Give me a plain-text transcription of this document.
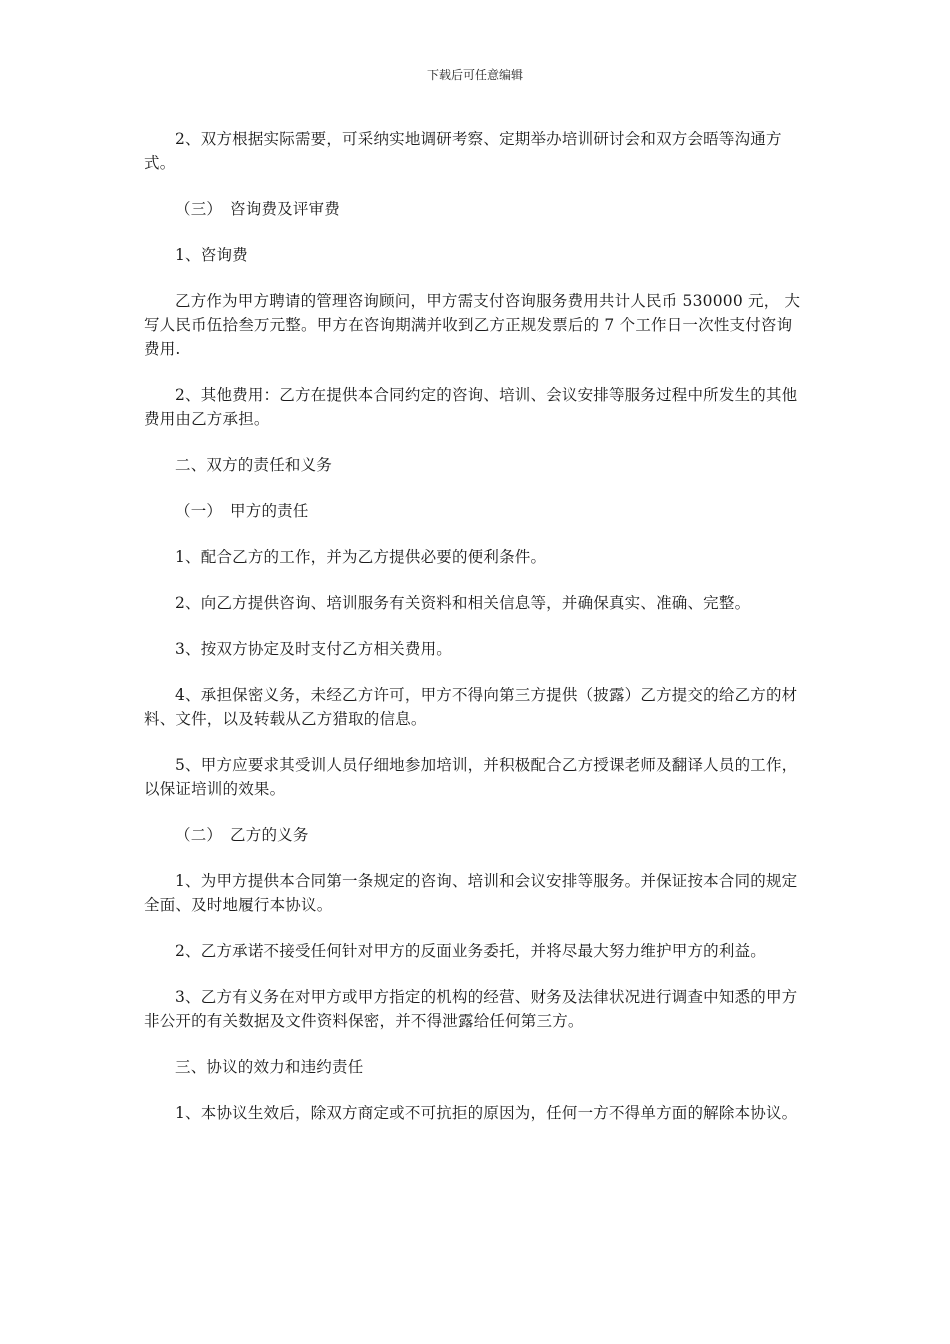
下载后可任意编辑

2、双方根据实际需要，可采纳实地调研考察、定期举办培训研讨会和双方会晤等沟通方式。

（三）　咨询费及评审费

1、咨询费

乙方作为甲方聘请的管理咨询顾问，甲方需支付咨询服务费用共计人民币 530000 元， 大写人民币伍拾叁万元整。甲方在咨询期满并收到乙方正规发票后的 7 个工作日一次性支付咨询费用.

2、其他费用：乙方在提供本合同约定的咨询、培训、会议安排等服务过程中所发生的其他费用由乙方承担。

二、双方的责任和义务

（一）　甲方的责任

1、配合乙方的工作，并为乙方提供必要的便利条件。

2、向乙方提供咨询、培训服务有关资料和相关信息等，并确保真实、准确、完整。

3、按双方协定及时支付乙方相关费用。

4、承担保密义务，未经乙方许可，甲方不得向第三方提供（披露）乙方提交的给乙方的材料、文件，以及转载从乙方猎取的信息。

5、甲方应要求其受训人员仔细地参加培训，并积极配合乙方授课老师及翻译人员的工作，以保证培训的效果。

（二）　乙方的义务

1、为甲方提供本合同第一条规定的咨询、培训和会议安排等服务。并保证按本合同的规定全面、及时地履行本协议。

2、乙方承诺不接受任何针对甲方的反面业务委托，并将尽最大努力维护甲方的利益。

3、乙方有义务在对甲方或甲方指定的机构的经营、财务及法律状况进行调查中知悉的甲方非公开的有关数据及文件资料保密，并不得泄露给任何第三方。

三、协议的效力和违约责任

1、本协议生效后，除双方商定或不可抗拒的原因为，任何一方不得单方面的解除本协议。
